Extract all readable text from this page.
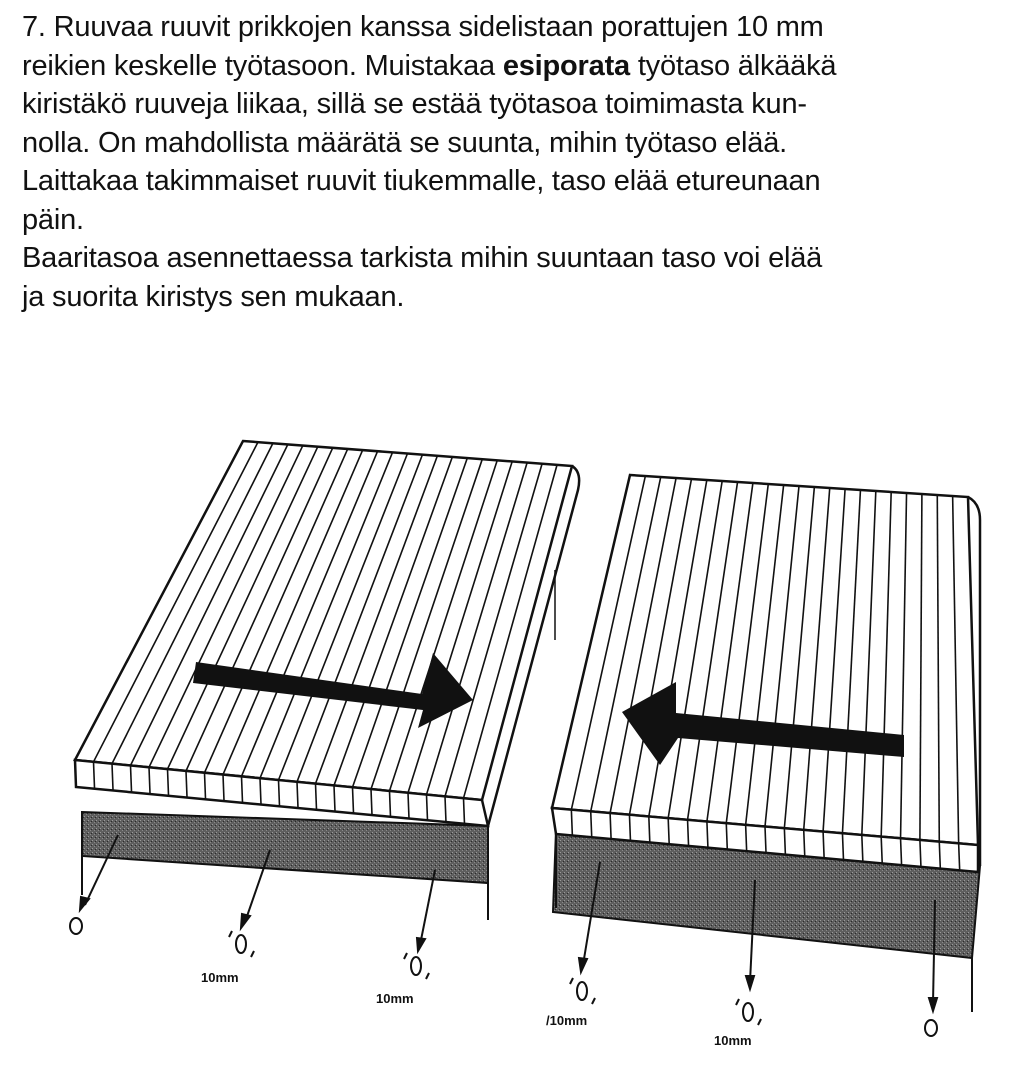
7. Ruuvaa ruuvit prikkojen kanssa sidelistaan porattujen 10 mm

reikien keskelle työtasoon. Muistakaa esiporata työtaso älkääkä

kiristäkö ruuveja liikaa, sillä se estää työtasoa toimimasta kun-

nolla. On mahdollista määrätä se suunta, mihin työtaso elää.

Laittakaa takimmaiset ruuvit tiukemmalle, taso elää etureunaan

päin.

Baaritasoa asennettaessa tarkista mihin suuntaan taso voi elää

ja suorita kiristys sen mukaan.

10mm
10mm
/10mm
10mm
